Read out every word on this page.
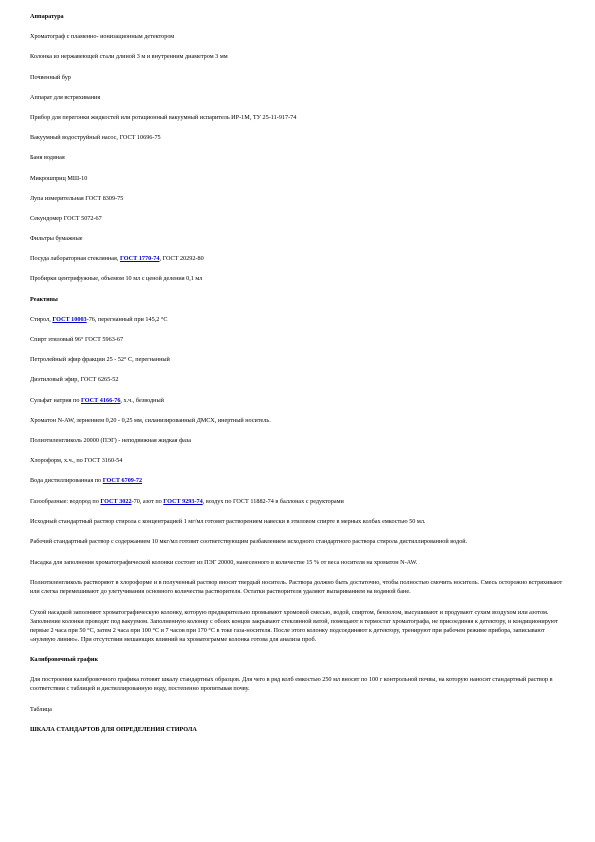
Аппаратура

Хроматограф с пламенно- ионизационным детектором

Колонка из нержавеющей стали длиной 3 м и внутренним диаметром 3 мм

Почвенный бур

Аппарат для встряхивания

Прибор для перегонки жидкостей или ротационный вакуумный испаритель ИР-1М, ТУ 25-11-917-74

Вакуумный водоструйный насос, ГОСТ 10696-75

Баня водяная

Микрошприц МШ-10

Лупа измерительная ГОСТ 8309-75

Секундомер ГОСТ 5072-67

Фильтры бумажные

Посуда лабораторная стеклянная, ГОСТ 1770-74, ГОСТ 20292-80

Пробирки центрифужные, объемом 10 мл с ценой деления 0,1 мл

Реактивы

Стирол, ГОСТ 10003-76, перегнанный при 145,2 °С

Спирт этиловый 96° ГОСТ 5963-67

Петролейный эфир фракции 25 - 52° С, перегнанный

Диэтиловый эфир, ГОСТ 6265-52

Сульфат натрия по ГОСТ 4166-76, х.ч., безводный

Хроматон N-AW, зернением 0,20 - 0,25 мм, силанизированный ДМСХ, инертный носитель.

Полиэтиленгликоль 20000 (ПЭГ) - неподвижная жидкая фаза

Хлороформ, х.ч., по ГОСТ 3160-54

Вода дистиллированная по ГОСТ 6709-72

Газообразные: водород по ГОСТ 3022-70, азот по ГОСТ 9293-74, воздух по ГОСТ 11882-74 в баллонах с редукторами

Исходный стандартный раствор стирола с концентрацией 1 мг/мл готовят растворением навески в этиловом спирте в мерных колбах емкостью 50 мл.

Рабочий стандартный раствор с содержанием 10 мкг/мл готовят соответствующим разбавлением исходного стандартного раствора стирола дистиллированной водой.

Насадка для заполнения хроматографической колонки состоит из ПЭГ 20000, нанесенного в количестве 15 % от веса носителя на хроматон N-AW.

Полиэтиленгликоль растворяют в хлороформе и в полученный раствор вносят твердый носитель. Раствора должно быть достаточно, чтобы полностью смочить носитель. Смесь осторожно встряхивают или слегка перемешивают до улетучивания основного количества растворителя. Остатки растворителя удаляют выпариванием на водяной бане.

Сухой насадкой заполняют хроматографическую колонку, которую предварительно промывают хромовой смесью, водой, спиртом, бензолом, высушивают и продувают сухим воздухом или азотом. Заполнение колонки проводят под вакуумом. Заполненную колонку с обоих концов закрывают стеклянной ватой, помещают в термостат хроматографа, не присоединяя к детектору, и кондиционируют первые 2 часа при 50 °С, затем 2 часа при 100 °С и 7 часов при 170 °С в токе газа-носителя. После этого колонку подсоединяют к детектору, тренируют при рабочем режиме прибора, записывают «нулевую линию». При отсутствии мешающих влияний на хроматограмме колонка готова для анализа проб.

Калибровочный график

Для построения калибровочного графика готовят шкалу стандартных образцов. Для чего в ряд колб емкостью 250 мл вносят по 100 г контрольной почвы, на которую наносят стандартный раствор в соответствии с таблицей и дистиллированную воду, постепенно пропитывая почву.

Таблица

ШКАЛА СТАНДАРТОВ ДЛЯ ОПРЕДЕЛЕНИЯ СТИРОЛА
